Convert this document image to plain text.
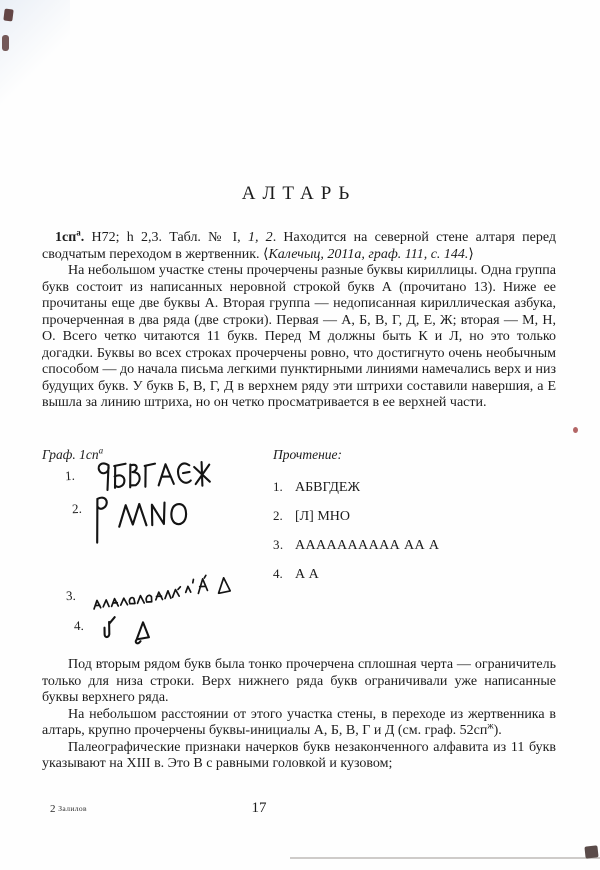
АЛТАРЬ

$1сп^а$. Н72; h 2,3. Табл. № I, 1, 2. Находится на северной стене алтаря перед сводчатым переходом в жертвенник. ⟨Калечыц, 2011а, граф. 111, с. 144.⟩

На небольшом участке стены прочерчены разные буквы кириллицы. Одна группа букв состоит из написанных неровной строкой букв А (прочитано 13). Ниже ее прочитаны еще две буквы А. Вторая группа — недописанная кириллическая азбука, прочерченная в два ряда (две строки). Первая — А, Б, В, Г, Д, Е, Ж; вторая — М, Н, О. Всего четко читаются 11 букв. Перед М должны быть К и Л, но это только догадки. Буквы во всех строках прочерчены ровно, что достигнуто очень необычным способом — до начала письма легкими пунктирными линиями намечались верх и низ будущих букв. У букв Б, В, Г, Д в верхнем ряду эти штрихи составили навершия, а Е вышла за линию штриха, но он четко просматривается в ее верхней части.

Граф. $1сп^а$	Прочтение:
1.
2.
3.
4.
1. АБВГДЕЖ
2. [Л] МНО
3. АААААААААА АА А
4. А А

Под вторым рядом букв была тонко прочерчена сплошная черта — ограничитель только для низа строки. Верх нижнего ряда букв ограничивали уже написанные буквы верхнего ряда.

На небольшом расстоянии от этого участка стены, в переходе из жертвенника в алтарь, крупно прочерчены буквы-инициалы А, Б, В, Г и Д (см. граф. $52сп^ж$).

Палеографические признаки начерков букв незаконченного алфавита из 11 букв указывают на XIII в. Это В с равными головкой и кузовом;

2 Залилов	17
